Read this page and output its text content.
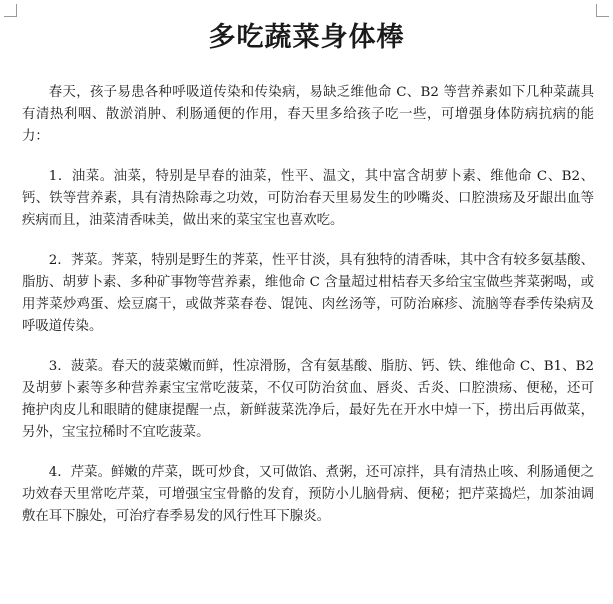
多吃蔬菜身体棒

春天，孩子易患各种呼吸道传染和传染病，易缺乏维他命 C、B2 等营养素如下几种菜蔬具有清热利咽、散淤消肿、利肠通便的作用，春天里多给孩子吃一些，可增强身体防病抗病的能力：

1．油菜。油菜，特别是早春的油菜，性平、温文，其中富含胡萝卜素、维他命 C、B2、钙、铁等营养素，具有清热除毒之功效，可防治春天里易发生的吵嘴炎、口腔溃疡及牙龈出血等疾病而且，油菜清香味美，做出来的菜宝宝也喜欢吃。

2．荠菜。荠菜，特别是野生的荠菜，性平甘淡，具有独特的清香味，其中含有较多氨基酸、脂肪、胡萝卜素、多种矿事物等营养素，维他命 C 含量超过柑桔春天多给宝宝做些荠菜粥喝，或用荠菜炒鸡蛋、烩豆腐干，或做荠菜春卷、馄饨、肉丝汤等，可防治麻疹、流脑等春季传染病及呼吸道传染。

3．菠菜。春天的菠菜嫩而鲜，性凉滑肠，含有氨基酸、脂肪、钙、铁、维他命 C、B1、B2 及胡萝卜素等多种营养素宝宝常吃菠菜，不仅可防治贫血、唇炎、舌炎、口腔溃疡、便秘，还可掩护肉皮儿和眼睛的健康提醒一点，新鲜菠菜洗净后，最好先在开水中焯一下，捞出后再做菜，另外，宝宝拉稀时不宜吃菠菜。

4．芹菜。鲜嫩的芹菜，既可炒食，又可做馅、煮粥，还可凉拌，具有清热止咳、利肠通便之功效春天里常吃芹菜，可增强宝宝骨骼的发育，预防小儿脑骨病、便秘；把芹菜捣烂，加茶油调敷在耳下腺处，可治疗春季易发的风行性耳下腺炎。
